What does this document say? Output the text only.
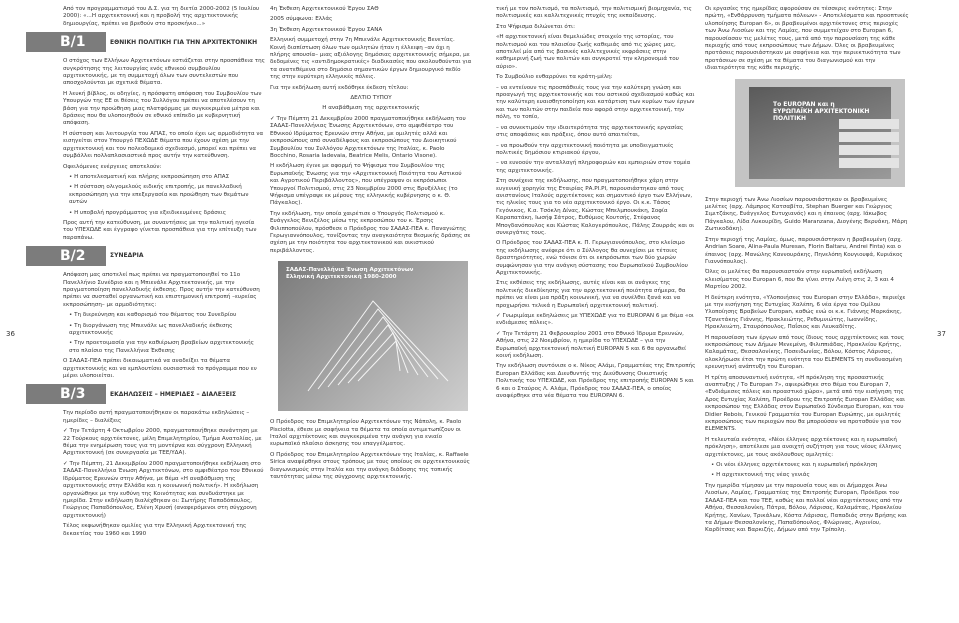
Από τον προγραμματισμό του Δ.Σ. για τη διετία 2000-2002 (5 Ιουλίου 2000): «...Η αρχιτεκτονική και η προβολή της αρχιτεκτονικής δημιουργίας, πρέπει να βρεθούν στο προσκήνιο...»

B/1	ΕΘΝΙΚΗ ΠΟΛΙΤΙΚΗ ΓΙΑ ΤΗΝ ΑΡΧΙΤΕΚΤΟΝΙΚΗ

Ο στόχος των Ελλήνων Αρχιτεκτόνων εστιάζεται στην προσπάθεια της συγκρότησης της λειτουργίας ενός εθνικού συμβουλίου αρχιτεκτονικής, με τη συμμετοχή όλων των συντελεστών που αποσχολούνται με σχετικά θέματα.

Η λευκή βίβλος, οι οδηγίες, η πρόσφατη απόφαση του Συμβουλίου των Υπουργών της ΕΕ οι θέσεις του Συλλόγου πρέπει να αποτελέσουν τη βάση για την προώθηση μιας πλατφόρμας με συγκεκριμένα μέτρα και δράσεις που θα υλοποιηθούν σε εθνικό επίπεδο με κυβερνητική απόφαση.

Η σύσταση και λειτουργία του ΑΠΑΣ, το οποίο έχει ως αρμοδιότητα να εισηγείται στον Υπουργό ΠΕΧΩΔΕ θέματα που έχουν σχέση με την αρχιτεκτονική και τον πολεοδομικό σχεδιασμό, μπορεί και πρέπει να συμβάλλει πολλαπλασιαστικά προς αυτήν την κατεύθυνση.

Οφειλόμενες ενέργειες αποτελούν:

• Η αποτελεσματική και πλήρης εκπροσώπηση στο ΑΠΑΣ

• Η σύσταση ολιγομελούς ειδικής επιτροπής, με πανελλαδική εκπροσώπηση για την επεξεργασία και προώθηση των θεμάτων αυτών

• Η υποβολή προγράμματος για εξειδικευμένες δράσεις

Προς αυτή την κατεύθυνση, με συναντήσεις με την πολιτική ηγεσία του ΥΠΕΧΩΔΕ και έγγραφο γίνεται προσπάθεια για την επίτευξη των παραπάνω.

B/2	ΣΥΝΕΔΡΙΑ

Απόφαση μας αποτελεί πως πρέπει να πραγματοποιηθεί το 11ο Πανελλήνιο Συνέδριο και η Μπιενάλε Αρχιτεκτονικής, με την πραγματοποίηση πανελλαδικής έκθεσης. Προς αυτήν την κατεύθυνση πρέπει να συσταθεί οργανωτική και επιστημονική επιτροπή –ευρείας εκπροσώπηση– με αρμοδιότητες:

• Τη διερεύνηση και καθορισμό του θέματος του Συνεδρίου

• Τη διοργάνωση της Μπιενάλε ως πανελλαδικής έκθεσης αρχιτεκτονικής

• Την προετοιμασία για την καθιέρωση βραβείων αρχιτεκτονικής στο πλαίσιο της Πανελλήνια Έκθεσης

Ο ΣΑΔΑΣ-ΠΕΑ πρέπει δικαιωματικά να αναδείξει τα θέματα αρχιτεκτονικής και να εμπλουτίσει ουσιαστικά το πρόγραμμα που εν μέρει υλοποιείται.

B/3	ΕΚΔΗΛΩΣΕΙΣ – ΗΜΕΡΙΔΕΣ – ΔΙΑΛΕΞΕΙΣ

Την περίοδο αυτή πραγματοποιήθηκαν οι παρακάτω εκδηλώσεις – ημερίδες – διαλέξεις

✓ Την Τετάρτη 4 Οκτωβρίου 2000, πραγματοποιήθηκε συνάντηση με 22 Τούρκους αρχιτέκτονες, μέλη Επιμελητηρίου, Τμήμα Ανατολίας, με θέμα την ενημέρωση τους για τη μοντέρνα και σύγχρονη Ελληνική Αρχιτεκτονική (σε συνεργασία με ΤΕΕ/ΥΔΑ).

✓ Την Πέμπτη, 21 Δεκεμβρίου 2000 πραγματοποιήθηκε εκδήλωση στο ΣΑΔΑΣ-Πανελλήνια Ένωση Αρχιτεκτόνων, στο αμφιθέατρο του Εθνικού Ιδρύματος Ερευνών στην Αθήνα, με θέμα «Η αναβάθμιση της αρχιτεκτονικής στην Ελλάδα και η κοινωνική πολιτική». Η εκδήλωση οργανώθηκε με την ευθύνη της Κοινότητας και συνδυάστηκε με ημερίδα. Στην εκδήλωση διαλέχθηκαν οι: Σωτήρης Παπαδόπουλος, Γεώργιος Παπαδόπουλος, Ελένη Χρυσή (αναφερόμενοι στη σύγχρονη αρχιτεκτονική)

Τέλος εκφωνήθηκαν ομιλίες για την Ελληνική Αρχιτεκτονική της δεκαετίας του 1960 και 1990

4η Έκθεση Αρχιτεκτονικού Έργου ΣΑΘ

2005 σύμφωνα: Ελλάς

3η Έκθεση Αρχιτεκτονικού Έργου ΣΑΝΑ

Ελληνική συμμετοχή στην 7η Μπιενάλε Αρχιτεκτονικής Βενετίας. Κοινή διαπίστωση όλων των ομιλητών ήταν η έλλειψη –αν όχι η πλήρης απουσία– μιας αξιόλογης δημόσιας αρχιτεκτονικής σήμερα, με δεδομένες τις «αντιδημοκρατικές» διαδικασίες που ακολουθούνται για τα ανατεθέμενα στο δημόσιο σημαντικών έργων δημιουργικό πεδίο της στην ευρύτερη ελληνικές πόλεις.

Για την εκδήλωση αυτή εκδόθηκε έκδεση τίτλου:

ΔΕΛΤΙΟ ΤΥΠΟΥ

Η αναβάθμιση της αρχιτεκτονικής

✓ Την Πέμπτη 21 Δεκεμβρίου 2000 πραγματοποιήθηκε εκδήλωση του ΣΑΔΑΣ-Πανελλήνιας Ένωσης Αρχιτεκτόνων, στο αμφιθέατρο του Εθνικού Ιδρύματος Ερευνών στην Αθήνα, με ομιλητές αλλά και εκπροσώπους από συναδέλφους και εκπροσώπους του Διοικητικού Συμβουλίου του Συλλόγου Αρχιτεκτόνων της Ιταλίας, κ. Paolo Bocchino, Rosaria Iadevaia, Beatrice Melis, Ontario Visone).

Η εκδήλωση έγινε με αφορμή το Ψήφισμα του Συμβουλίου της Ευρωπαϊκής Ένωσης για την «Αρχιτεκτονική Ποιότητα του Αστικού και Αγροτικού Περιβάλλοντος», που υπέγραψαν οι εκπρόσωποι Υπουργοί Πολιτισμού, στις 23 Νοεμβρίου 2000 στις Βρυξέλλες (το Ψήφισμα υπέγραψε εκ μέρους της ελληνικής κυβέρνησης ο κ. Θ. Πάγκαλος).

Την εκδήλωση, την οποία χαιρέτισε ο Υπουργός Πολιτισμού κ. Ευάγγελος Βενιζέλος μέσω της εκπροσώπου του κ. Έρσης Φιλιπποπούλου, πρόσθεσε ο Πρόεδρος του ΣΑΔΑΣ-ΠΕΑ κ. Παναγιώτης Γερωγιαννόπουλος, τονίζοντας την αναγκαιότητα θεσμικής δράσης σε σχέση με την ποιότητα του αρχιτεκτονικού και οικιστικού περιβάλλοντος.

ΣΑΔΑΣ-Πανελλήνια Ένωση Αρχιτεκτόνων
Ελληνική Αρχιτεκτονική 1980-2000

Ο Πρόεδρος του Επιμελητηρίου Αρχιτεκτόνων της Νάπολη, κ. Paolo Pisciotta, έθεσε με σαφήνεια τα θέματα τα οποία αντιμετωπίζουν οι Ιταλοί αρχιτέκτονες και συγκεκριμένα την ανάγκη για ενιαίο ευρωπαϊκό πλαίσιο άσκησης του επαγγέλματος.

Ο Πρόεδρος του Επιμελητηρίου Αρχιτεκτόνων της Ιταλίας, κ. Raffaele Sirica αναφέρθηκε στους τρόπους με τους οποίους σε αρχιτεκτονικούς διαγωνισμούς στην Ιταλία και την ανάγκη διάδοσης της τοπικής ταυτότητας μέσω της σύγχρονης αρχιτεκτονικής.

τική με τον πολιτισμό, τα πολιτισμό, την πολιτισμική βιομηχανία, τις πολιτισμικές και καλλιτεχνικές πτυχές της εκπαίδευσης.

Στο Ψήφισμα διλώνεται ότι:

«Η αρχιτεκτονική είναι θεμελιώδες στοιχείο της ιστορίας, του πολιτισμού και του πλαισίου ζωής καθεμιάς από τις χώρες μας, αποτελεί μία από τις βασικές καλλιτεχνικές εκφράσεις στην καθημερινή ζωή των πολιτών και συγκροτεί την κληρονομιά του αύριο».

Το Συμβούλιο ενθαρρύνει τα κράτη-μέλη:

– να εντείνουν τις προσπάθειές τους για την καλύτερη γνώση και προαγωγή της αρχιτεκτονικής και του αστικού σχεδιασμού καθώς και την καλύτερη ευαισθητοποίηση και κατάρτιση των κυρίων των έργων και των πολιτών στην παιδεία που αφορά στην αρχιτεκτονική, την πόλη, το τοπίο,

– να συνεκτιμούν την ιδιαιτερότητα της αρχιτεκτονικής εργασίας στις αποφάσεις και πράξεις, όπου αυτό απαιτείται,

– να προωθούν την αρχιτεκτονική ποιότητα με υποδειγματικές πολιτικές δημόσιου κτιριακού έργου,

– να ευνοούν την ανταλλαγή πληροφοριών και εμπειριών στον τομέα της αρχιτεκτονικής.

Στη συνέχεια της εκδήλωσης, που πραγματοποιήθηκε χάρη στην ευγενική χορηγία της Εταιρίας ΡΑ.ΡΙ.ΡΙ, παρουσιάστηκαν από τους ανιστανίους Ιταλούς αρχιτέκτονες και σημαντικό έργο των Ελλήνων, τις ηλικίες τους για το νέο αρχιτεκτονικό έργο. Οι κ.κ. Τάσος Γεγόνικος, Κ.α. Τσόκλη Δίνας, Κώστας Μπελμπουκάκη, Σοφία Καραπατάκη, Ιωσήφ Σάτρος, Ευθύμιος Κουτσής, Στέφανος Μπογδανόπουλος και Κώστας Καλογερόπουλος, Πάλης Ζουρράς και οι συνεργάτες τους.

Ο Πρόεδρος του ΣΑΔΑΣ-ΠΕΑ κ. Π. Γερωγιαννόπουλος, στο κλείσιμο της εκδήλωσης ανέφερε ότι ο Σύλλογος θα συνεχίσει με τέτοιες δραστηριότητες, ενώ τόνισε ότι οι εκπρόσωποι των δύο χωρών συμφώνησαν για την ανάγκη σύστασης του Ευρωπαϊκού Συμβουλίου Αρχιτεκτονικής.

Στις εκθέσεις της εκδήλωσης, αυτές είναι και οι ανάγκες της πολιτικής διεκδίκησης για την αρχιτεκτονική ποιότητα σήμερα, θα πρέπει να είναι μια πράξη κοινωνική, για να συνέλθει ξανά και να προχωρήσει τελικά η Ευρωπαϊκή αρχιτεκτονική πολιτική.

✓ Γνωριμίαμε εκδηλώσεις με ΥΠΕΧΩΔΕ για το EUROPAN 6 με θέμα «οι ενδιάμεσες πόλεις».

✓ Την Τετάρτη 21 Φεβρουαρίου 2001 στο Εθνικό Ίδρυμα Ερευνών, Αθήνα, στις 22 Νοεμβρίου, η ημερίδα το ΥΠΕΧΩΔΕ – για την Ευρωπαϊκή αρχιτεκτονική πολιτική EUROPAN 5 και 6 θα οργανωθεί κοινή εκδήλωση.

Την εκδήλωση συντόνισε ο κ. Νίκος Αλάμι, Γραμματέας της Επιτροπής Europan Ελλάδας και Διευθυντής της Διεύθυνσης Οικιστικής Πολιτικής του ΥΠΕΧΩΔΕ, και Πρόεδρος της επιτροπής EUROPAN 5 και 6 και ο Σταύρος Λ. Αλάμι, Πρόεδρος του ΣΑΔΑΣ-ΠΕΑ, ο οποίος αναφέρθηκε στα νέα θέματα του EUROPAN 6.

Οι εργασίες της ημερίδας αφορούσαν σε τέσσερις ενότητες: Στην πρώτη, «Ενθάρρυνση τμήματα πόλεων» - Αποτελέσματα και προοπτικές υλοποίησης Europan 6», οι βραβευμένοι αρχιτέκτονες στις περιοχές των Άνω Λιοσίων και της Λαμίας, που συμμετείχαν στο Europan 6, παρουσίασαν τις μελέτες τους, μετά από την παρουσίαση της κάθε περιοχής από τους εκπροσώπους των Δήμων. Όλες οι βραβευμένες προτάσεις παρουσιάστηκαν με σαφήνεια και την περιεκτικότητα των προτάσεων σε σχέση με τα θέματα του διαγωνισμού και την ιδιαιτερότητα της κάθε περιοχής.

Το EUROPAN και η
ΕΥΡΩΠΑΪΚΗ ΑΡΧΙΤΕΚΤΟΝΙΚΗ ΠΟΛΙΤΙΚΗ

Στην περιοχή των Άνω Λιοσίων παρουσιάστηκαν οι βραβευμένες μελέτες (αρχ. Λάμπρος Κατσαβίτα, Stephan Buerger και Γεώργιος Σιμιτζάκης, Ευάγγελος Ευτυχιανός) και η έπαινος (αρχ. Ιάκωβος Πάγκαλου, Λίδα Λυκουρίδη, Guido Maranzana, Διογένης Βερυάκη, Μάρη Ζωτικοδάκη).

Στην περιοχή της Λαμίας, όμως, παρουσιάστηκαν η βραβευμένη (αρχ. Andrian Soare, Alina-Paula Muresan, Florin Baltaru, Andrei Finta) και ο έπαινος (αρχ. Μανώλης Καννουράκης, Πηνελόπη Κουγιουφά, Κυριάκος Γιαννόπουλος).

Όλες οι μελέτες θα παρουσιαστούν στην ευρωπαϊκή εκδήλωση κλεισίματος του Europan 6, που θα γίνει στην Λιέγη στις 2, 3 και 4 Μαρτίου 2002.

Η δεύτερη ενότητα, «Υλοποιήσεις του Europan στην Ελλάδα», περιείχε με την εισήγηση της Ευτυχίας Χαλέπη, 6 νέα έργα του Ομίλου Υλοποίησης Βραβείων Europan, καθώς ενώ οι κ.κ. Γιάννης Μαρκάκης, Τζανετάκης Γιάννης, Ηρακλειώτης, Ρεθυμνιώτης, Ιωαννίδης, Ηρακλειώτη, Σταυρόπουλος, Παΐσιος και Λευκαδίτης.

Η παρουσίαση των έργων από τους ίδιους τους αρχιτέκτονες και τους εκπροσώπους των Δήμων Μενεμένη, Φιλιππιάδας, Ηρακλείου Κρήτης, Καλαμάτας, Θεσσαλονίκης, Ποσειδωνίας, Βόλου, Κόστος Λάρισας, ολοκλήρωσε έτσι την πρώτη ενότητα του ELEMENTS τη συνδυασμένη ερευνητική ανάπτυξη του Europan.

Η τρίτη αποσυναντική ενότητα, «Η πρόκληση της προσαστικής αναπτυξης / Το Europan 7», αφιερώθηκε στο θέμα του Europan 7, «Ενδιάμεσες πόλεις και προαστικό χώρο», μετά από την εισήγηση της Δρος Ευτυχίας Χαλέπη, Προέδρου της Επιτροπής Europan Ελλάδας και εκπροσώπου της Ελλάδας στον Ευρωπαϊκό Σύνδεσμο Europan, και του Didier Rebois, Γενικού Γραμματέα του Europan Ευρώπης, με ομιλητές εκπροσώπους των περιοχών που θα μπορούσαν να προταθούν για τον ELEMENTS.

Η τελευταία ενότητα, «Νέοι έλληνες αρχιτέκτονες και η ευρωπαϊκή πρόκληση», αποτέλεσε μια ανοιχτή συζήτηση για τους νέους έλληνες αρχιτέκτονες, με τους ακόλουθους ομιλητές:

• Οι νέοι έλληνες αρχιτέκτονες και η ευρωπαϊκή πρόκληση

• Η αρχιτεκτονική της νέας γενιάς

Την ημερίδα τίμησαν με την παρουσία τους και οι Δήμαρχοι Άνω Λιοσίων, Λαμίας, Γραμματέας της Επιτροπής Europan, Πρόεδροι του ΣΑΔΑΣ-ΠΕΑ και του ΤΕΕ, καθώς και πολλοί νέοι αρχιτέκτονες από την Αθήνα, Θεσσαλονίκη, Πάτρα, Βόλου, Λάρισας, Καλαμάτας, Ηρακλείου Κρήτης, Χανίων, Τρικάλων, Κόστα Λάρισας, Παπαδιάς στην Βρήσης και τα Δήμων Θεσσαλονίκης, Παπαδόπουλος, Φλώρινας, Αγρινίου, Καρδίτσας και Βαρκιζής, Δήμων από την Τρίπολη.

36	37
